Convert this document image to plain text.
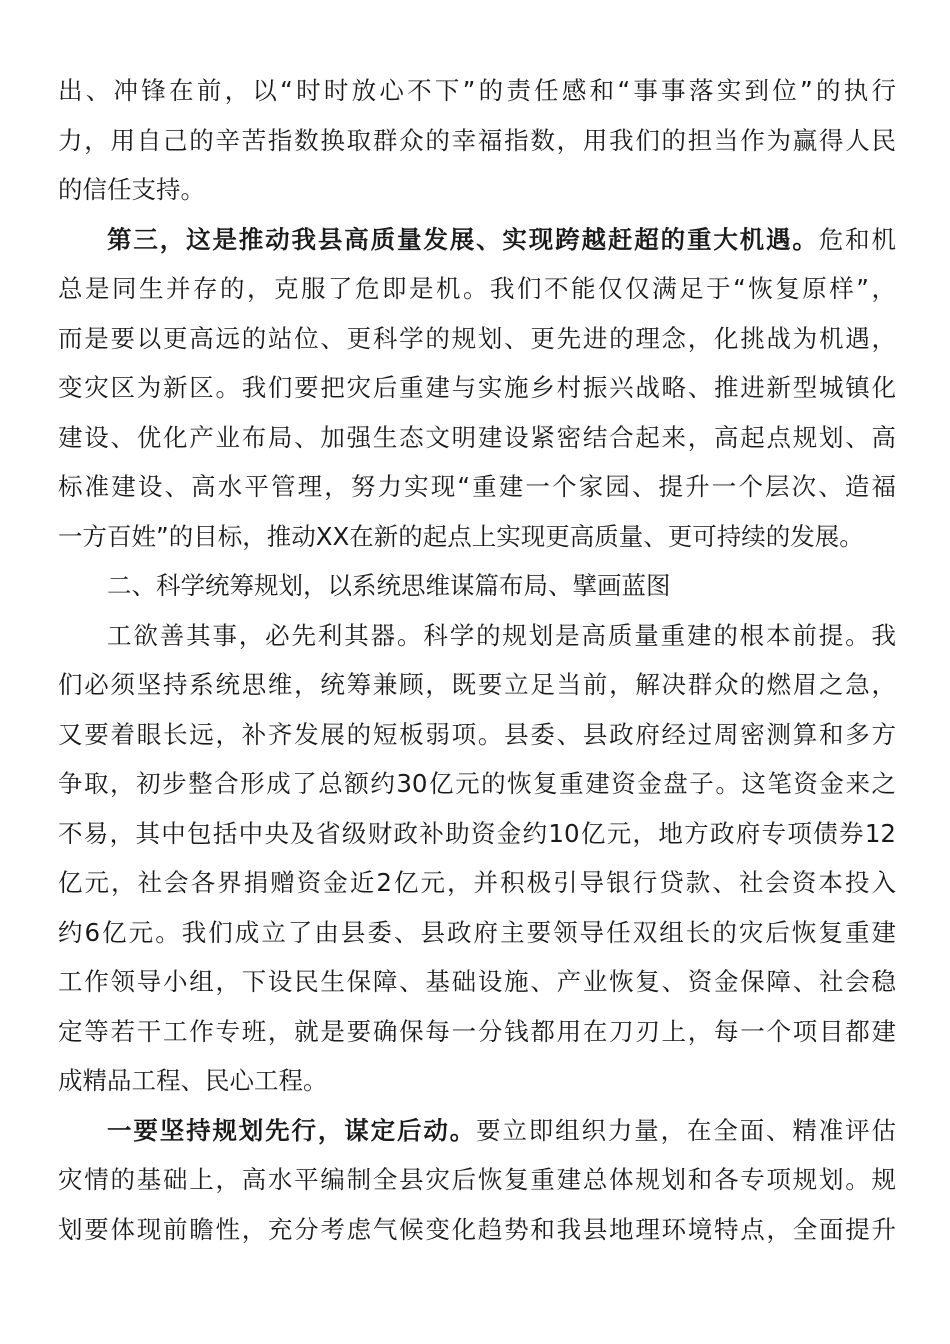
出、冲锋在前，以“时时放心不下”的责任感和“事事落实到位”的执行
力，用自己的辛苦指数换取群众的幸福指数，用我们的担当作为赢得人民
的信任支持。
第三，这是推动我县高质量发展、实现跨越赶超的重大机遇。危和机
总是同生并存的，克服了危即是机。我们不能仅仅满足于“恢复原样”，
而是要以更高远的站位、更科学的规划、更先进的理念，化挑战为机遇，
变灾区为新区。我们要把灾后重建与实施乡村振兴战略、推进新型城镇化
建设、优化产业布局、加强生态文明建设紧密结合起来，高起点规划、高
标准建设、高水平管理，努力实现“重建一个家园、提升一个层次、造福
一方百姓”的目标，推动XX在新的起点上实现更高质量、更可持续的发展。
二、科学统筹规划，以系统思维谋篇布局、擘画蓝图
工欲善其事，必先利其器。科学的规划是高质量重建的根本前提。我
们必须坚持系统思维，统筹兼顾，既要立足当前，解决群众的燃眉之急，
又要着眼长远，补齐发展的短板弱项。县委、县政府经过周密测算和多方
争取，初步整合形成了总额约30亿元的恢复重建资金盘子。这笔资金来之
不易，其中包括中央及省级财政补助资金约10亿元，地方政府专项债券12
亿元，社会各界捐赠资金近2亿元，并积极引导银行贷款、社会资本投入
约6亿元。我们成立了由县委、县政府主要领导任双组长的灾后恢复重建
工作领导小组，下设民生保障、基础设施、产业恢复、资金保障、社会稳
定等若干工作专班，就是要确保每一分钱都用在刀刃上，每一个项目都建
成精品工程、民心工程。
一要坚持规划先行，谋定后动。要立即组织力量，在全面、精准评估
灾情的基础上，高水平编制全县灾后恢复重建总体规划和各专项规划。规
划要体现前瞻性，充分考虑气候变化趋势和我县地理环境特点，全面提升
